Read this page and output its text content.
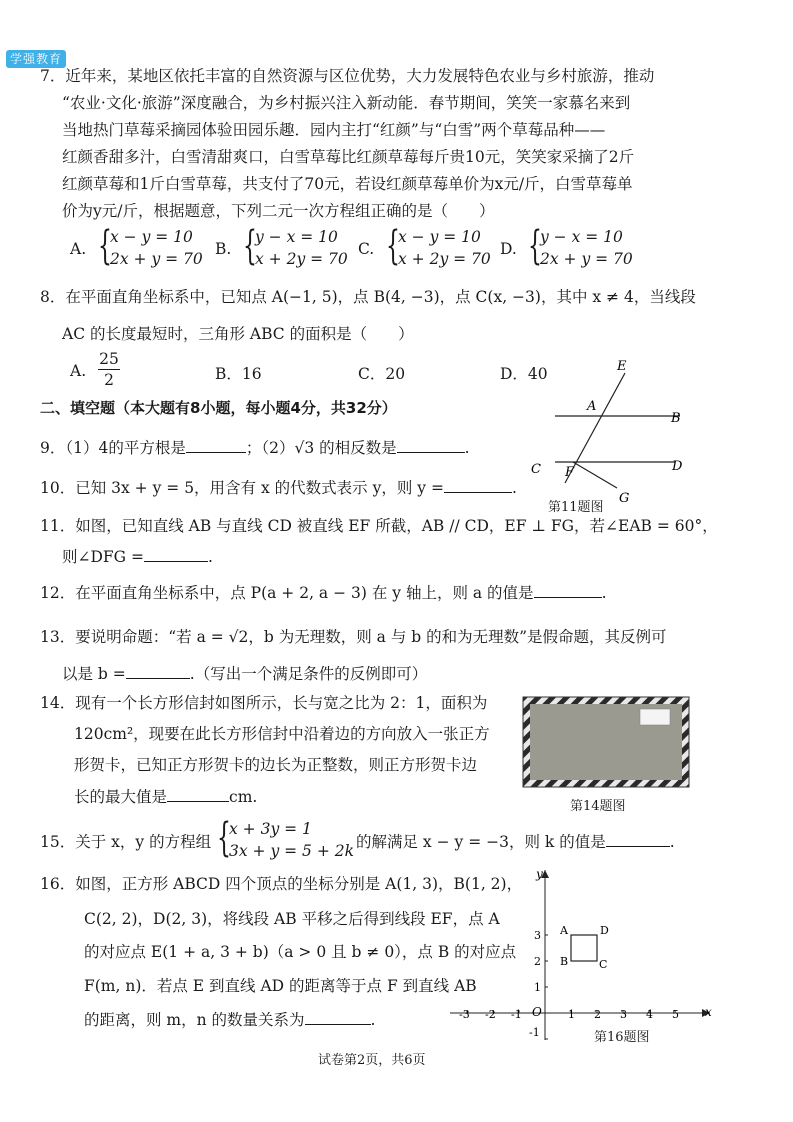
学强教育
7．近年来，某地区依托丰富的自然资源与区位优势，大力发展特色农业与乡村旅游，推动
“农业·文化·旅游”深度融合，为乡村振兴注入新动能．春节期间，笑笑一家慕名来到
当地热门草莓采摘园体验田园乐趣．园内主打“红颜”与“白雪”两个草莓品种——
红颜香甜多汁，白雪清甜爽口，白雪草莓比红颜草莓每斤贵10元，笑笑家采摘了2斤
红颜草莓和1斤白雪草莓，共支付了70元，若设红颜草莓单价为x元/斤，白雪草莓单
价为y元/斤，根据题意，下列二元一次方程组正确的是（　　）
A. {
x − y = 10
2x + y = 70
B. {
y − x = 10
x + 2y = 70
C. {
x − y = 10
x + 2y = 70
D. {
y − x = 10
2x + y = 70
8．在平面直角坐标系中，已知点 A(−1, 5)，点 B(4, −3)，点 C(x, −3)，其中 x ≠ 4，当线段
AC 的长度最短时，三角形 ABC 的面积是（　　）
A.
25
2	B．16	C．20	D．40
二、填空题（本大题有8小题，每小题4分，共32分）
E
A
B
C F	D
G
第11题图
9．（1）4的平方根是	；（2）√3 的相反数是	.
10．已知 3x + y = 5，用含有 x 的代数式表示 y，则 y =	.
11．如图，已知直线 AB 与直线 CD 被直线 EF 所截，AB // CD，EF ⊥ FG，若∠EAB = 60°，
则∠DFG =	.
12．在平面直角坐标系中，点 P(a + 2, a − 3) 在 y 轴上，则 a 的值是	.
13．要说明命题：“若 a = √2，b 为无理数，则 a 与 b 的和为无理数”是假命题，其反例可
以是 b =	.（写出一个满足条件的反例即可）
14．现有一个长方形信封如图所示，长与宽之比为 2：1，面积为
120cm²，现要在此长方形信封中沿着边的方向放入一张正方
形贺卡，已知正方形贺卡的边长为正整数，则正方形贺卡边
长的最大值是	cm.
第14题图
15．关于 x，y 的方程组 {
x + 3y = 1
3x + y = 5 + 2k 的解满足 x − y = −3，则 k 的值是	.
16．如图，正方形 ABCD 四个顶点的坐标分别是 A(1, 3)，B(1, 2)，
C(2, 2)，D(2, 3)，将线段 AB 平移之后得到线段 EF，点 A
的对应点 E(1 + a, 3 + b)（a > 0 且 b ≠ 0），点 B 的对应点
F(m, n)．若点 E 到直线 AD 的距离等于点 F 到直线 AB
的距离，则 m，n 的数量关系为	.	x
y
O
-3 -2 -1	1 2 3 4 5
3
2
1
-1
A
B	C
D
第16题图
试卷第2页，共6页
